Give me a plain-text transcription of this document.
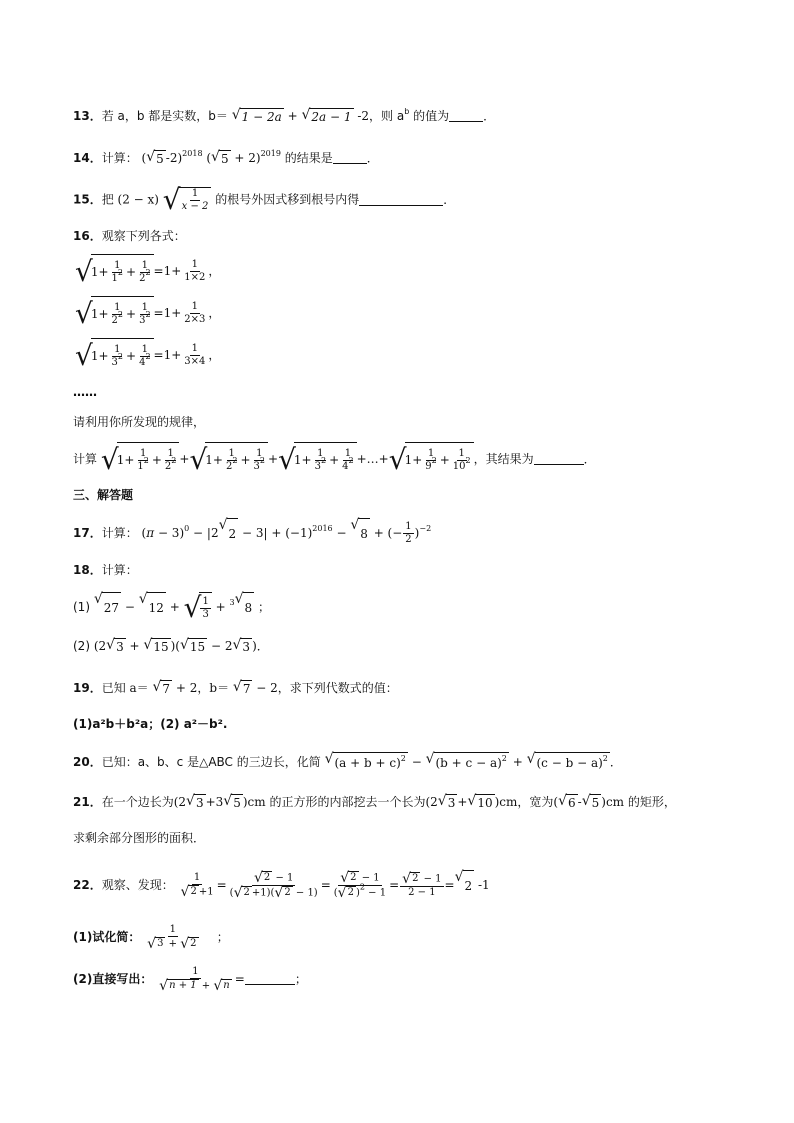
13．若 a，b 都是实数，b＝ √ 1 − 2a + √ 2a − 1 -2，则 $a^b$ 的值为	．
14．计算： ( √ 5 -2)$^{2018}$ ( √ 5 + 2)$^{2019}$ 的结果是	．
15．把 (2 − x) √ $\frac{1}{x - 2}$ 的根号外因式移到根号内得	．
16．观察下列各式：
$√1+ \frac{1}{1^2} + \frac{1}{2^2} =1+ \frac{1}{1\times 2}$ ，
$√1+ \frac{1}{2^2} + \frac{1}{3^2} =1+ \frac{1}{2\times 3}$ ，
$√1+ \frac{1}{3^2} + \frac{1}{4^2} =1+ \frac{1}{3\times 4}$ ，
……
请利用你所发现的规律，
计算 $√1+ \frac{1}{1^2} + \frac{1}{2^2} +√1+ \frac{1}{2^2} + \frac{1}{3^2} +√1+ \frac{1}{3^2} + \frac{1}{4^2}$ +…+√1+ $\frac{1}{9^2} + \frac{1}{10^2}$ ，其结果为	．
三、解答题
17．计算： $(\pi - 3)^0 - |2$ √
$2 - 3| + (-1)^{2016}$ − √
8 + (− $\frac{1}{2} )^{-2}$
18．计算：
(1) √
27 − √
12 + √ $\frac{1}{3} + ^3$ √
8 ；
(2) (2 √ 3 + √ 15 )( √ 15 − 2 √ 3 )．
19．已知 a＝ √ 7 + 2，b＝ √ 7 − 2，求下列代数式的值：
(1)a²b＋b²a；(2) a²－b².
20．已知：a、b、c 是△ABC 的三边长，化简 √ $(a + b + c)^2$ − √ $(b + c - a)^2$ + √ $(c - b - a)^2$ ．
21．在一个边长为(2 √ 3 +3 √ 5 )cm 的正方形的内部挖去一个长为(2 √ 3 + √ 10 )cm，宽为( √ 6 - √ 5 )cm 的矩形，
求剩余部分图形的面积．
22．观察、发现： $\frac{1}{√ 2 +1} = \frac{√ 2 - 1}{( √ 2 +1)( √ 2 - 1)} = \frac{√ 2 - 1}{( √ 2 )^2 - 1} = \frac{√ 2 - 1}{2 - 1}$ = √
2 -1
(1)试化简： $\frac{1}{√ 3 + √ 2}$ ；
(2)直接写出： $\frac{1}{√ n + 1 + √ n}$ =	；
